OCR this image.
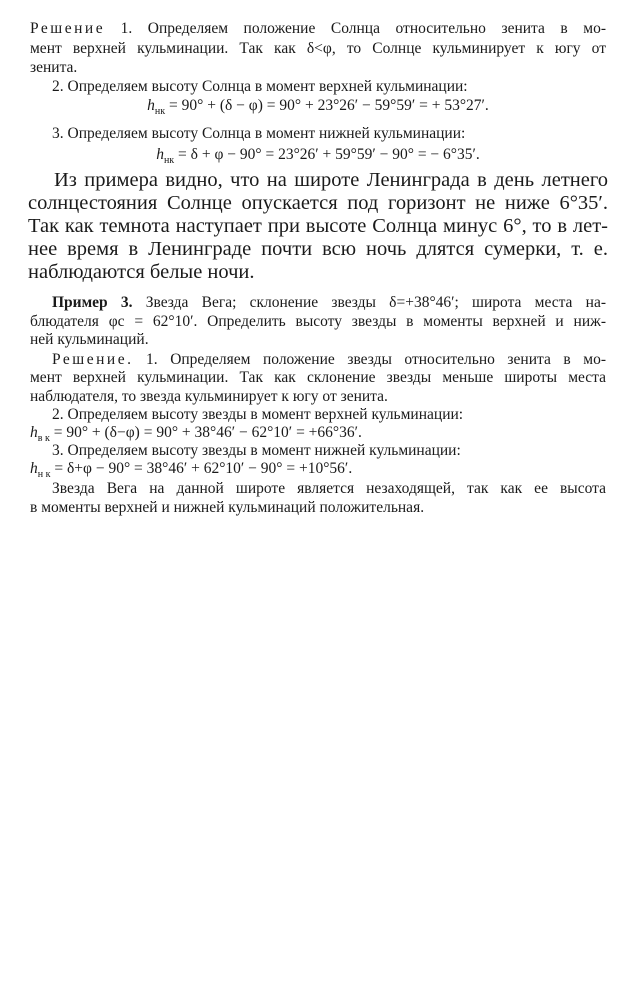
Решение 1. Определяем положение Солнца относительно зенита в мо-
мент верхней кульминации. Так как δ<φ, то Солнце кульминирует к югу от
зенита.
2. Определяем высоту Солнца в момент верхней кульминации:
$h_{нк} = 90^\circ + (\delta - \varphi) = 90^\circ + 23^\circ 26' - 59^\circ 59'$ = + 53°27′.
3. Определяем высоту Солнца в момент нижней кульминации:
$h_{нк} = \delta + \varphi - 90^\circ = 23^\circ 26' + 59^\circ 59' - 90^\circ$ = − 6°35′.
Из примера видно, что на широте Ленинграда в день летнего
солнцестояния Солнце опускается под горизонт не ниже 6°35′.
Так как темнота наступает при высоте Солнца минус 6°, то в лет-
нее время в Ленинграде почти всю ночь длятся сумерки, т. е.
наблюдаются белые ночи.
Пример 3. Звезда Вега; склонение звезды δ=+38°46′; широта места на-
блюдателя φc = 62°10′. Определить высоту звезды в моменты верхней и ниж-
ней кульминаций.
Решение. 1. Определяем положение звезды относительно зенита в мо-
мент верхней кульминации. Так как склонение звезды меньше широты места
наблюдателя, то звезда кульминирует к югу от зенита.
2. Определяем высоту звезды в момент верхней кульминации:
$h_{в к} = 90^\circ + (\delta-\varphi) = 90^\circ + 38^\circ 46' - 62^\circ 10' = +66^\circ 36'$.
3. Определяем высоту звезды в момент нижней кульминации:
$h_{н к} = \delta+\varphi - 90^\circ = 38^\circ 46' + 62^\circ 10' - 90^\circ = +10^\circ 56'$.
Звезда Вега на данной широте является незаходящей, так как ее высота
в моменты верхней и нижней кульминаций положительная.
